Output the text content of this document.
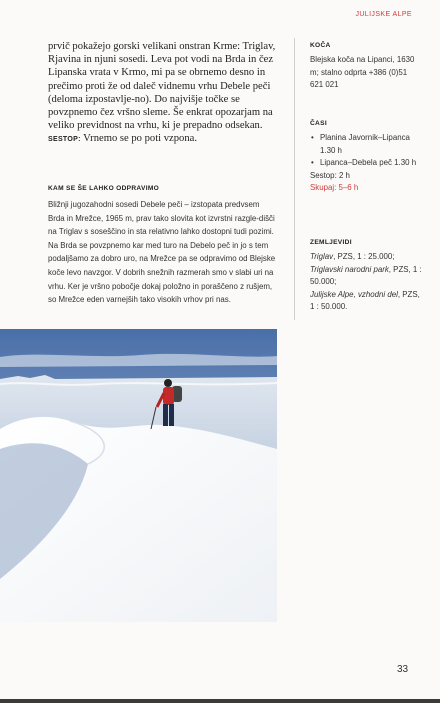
JULIJSKE ALPE

prvič pokažejo gorski velikani onstran Krme: Triglav, Rjavina in njuni sosedi. Leva pot vodi na Brda in čez Lipanska vrata v Krmo, mi pa se obrnemo desno in prečimo proti že od daleč vidnemu vrhu Debele peči (deloma izpostavlje-no). Do najvišje točke se povzpnemo čez vršno sleme. Še enkrat opozarjam na veliko previdnost na vrhu, ki je prepadno odsekan.
SESTOP: Vrnemo se po poti vzpona.

KAM SE ŠE LAHKO ODPRAVIMO

Bližnji jugozahodni sosedi Debele peči – izstopata predvsem Brda in Mrežce, 1965 m, prav tako slovita kot izvrstni razgle-dišči na Triglav s soseščino in sta relativno lahko dostopni tudi pozimi. Na Brda se povzpnemo kar med turo na Debelo peč in jo s tem podaljšamo za dobro uro, na Mrežce pa se odpravimo od Blejske koče levo navzgor. V dobrih snežnih razmerah smo v slabi uri na vrhu. Ker je vršno pobočje dokaj položno in poraščeno z rušjem, so Mrežce eden varnejših tako visokih vrhov pri nas.

KOČA
Blejska koča na Lipanci, 1630 m; stalno odprta +386 (0)51 621 021
ČASI
• Planina Javornik–Lipanca 1.30 h
• Lipanca–Debela peč 1.30 h
Sestop: 2 h
Skupaj: 5–6 h
ZEMLJEVIDI
Triglav, PZS, 1 : 25.000;
Triglavski narodni park, PZS, 1 : 50.000;
Julijske Alpe, vzhodni del, PZS, 1 : 50.000.
33
